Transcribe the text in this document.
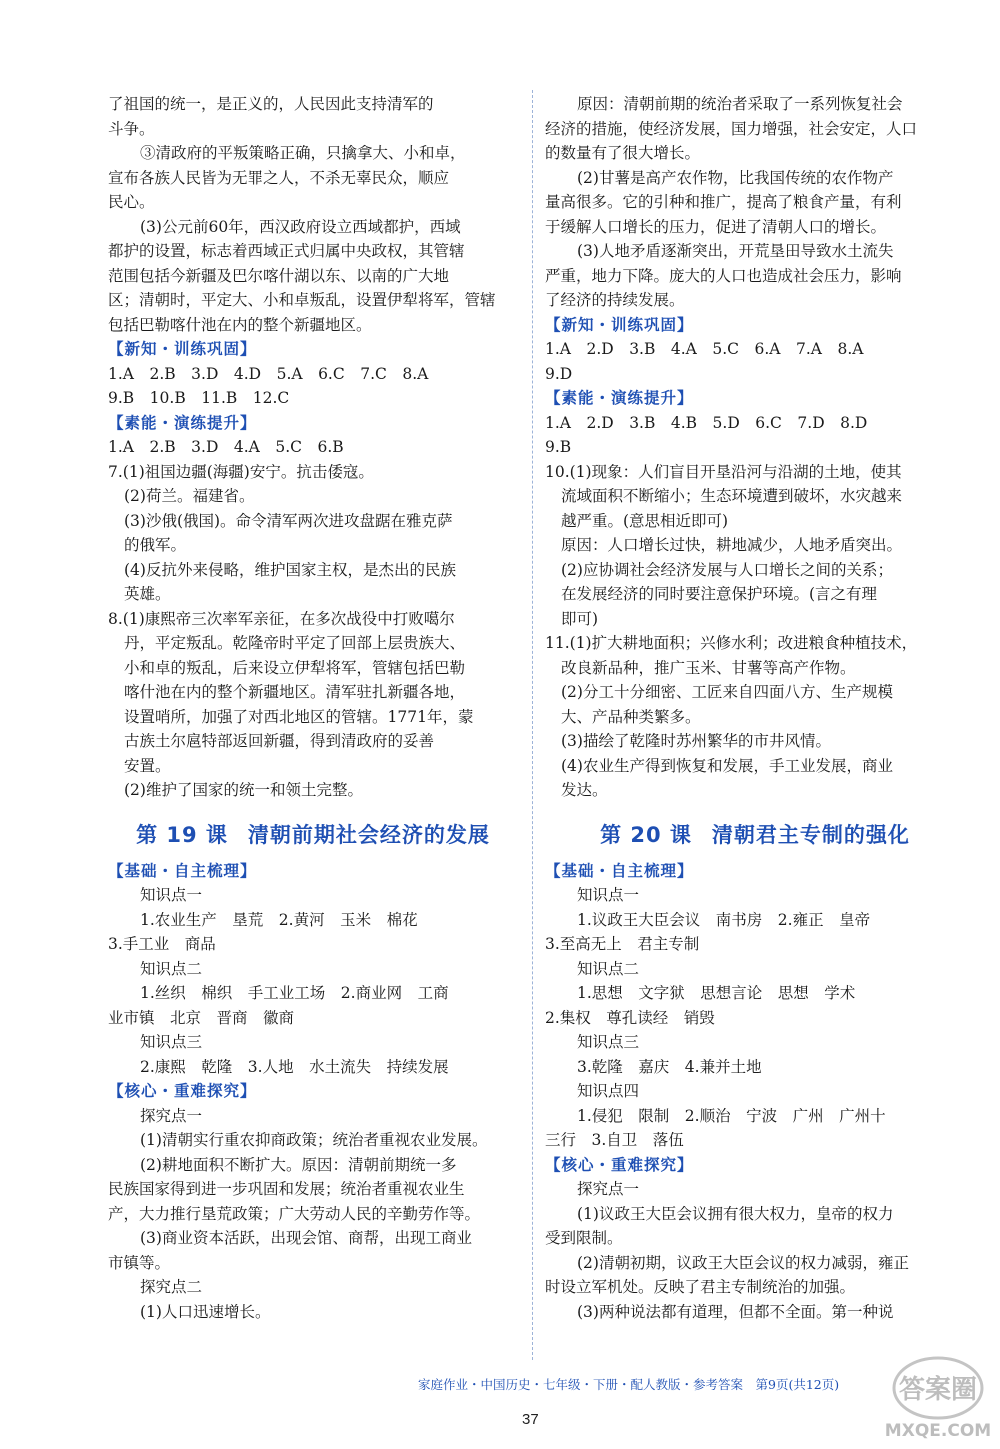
了祖国的统一，是正义的，人民因此支持清军的
斗争。
③清政府的平叛策略正确，只擒拿大、小和卓，
宣布各族人民皆为无罪之人，不杀无辜民众，顺应
民心。
(3)公元前60年，西汉政府设立西域都护，西域
都护的设置，标志着西域正式归属中央政权，其管辖
范围包括今新疆及巴尔喀什湖以东、以南的广大地
区；清朝时，平定大、小和卓叛乱，设置伊犁将军，管辖
包括巴勒喀什池在内的整个新疆地区。
【新知・训练巩固】
1.A　2.B　3.D　4.D　5.A　6.C　7.C　8.A
9.B　10.B　11.B　12.C
【素能・演练提升】
1.A　2.B　3.D　4.A　5.C　6.B
7.(1)祖国边疆(海疆)安宁。抗击倭寇。
(2)荷兰。福建省。
(3)沙俄(俄国)。命令清军两次进攻盘踞在雅克萨
的俄军。
(4)反抗外来侵略，维护国家主权，是杰出的民族
英雄。
8.(1)康熙帝三次率军亲征，在多次战役中打败噶尔
丹，平定叛乱。乾隆帝时平定了回部上层贵族大、
小和卓的叛乱，后来设立伊犁将军，管辖包括巴勒
喀什池在内的整个新疆地区。清军驻扎新疆各地，
设置哨所，加强了对西北地区的管辖。1771年，蒙
古族土尔扈特部返回新疆，得到清政府的妥善
安置。
(2)维护了国家的统一和领土完整。
第 19 课 清朝前期社会经济的发展
【基础・自主梳理】
知识点一
1.农业生产　垦荒　2.黄河　玉米　棉花
3.手工业　商品
知识点二
1.丝织　棉织　手工业工场　2.商业网　工商
业市镇　北京　晋商　徽商
知识点三
2.康熙　乾隆　3.人地　水土流失　持续发展
【核心・重难探究】
探究点一
(1)清朝实行重农抑商政策；统治者重视农业发展。
(2)耕地面积不断扩大。原因：清朝前期统一多
民族国家得到进一步巩固和发展；统治者重视农业生
产，大力推行垦荒政策；广大劳动人民的辛勤劳作等。
(3)商业资本活跃，出现会馆、商帮，出现工商业
市镇等。
探究点二
(1)人口迅速增长。
原因：清朝前期的统治者采取了一系列恢复社会
经济的措施，使经济发展，国力增强，社会安定，人口
的数量有了很大增长。
(2)甘薯是高产农作物，比我国传统的农作物产
量高很多。它的引种和推广，提高了粮食产量，有利
于缓解人口增长的压力，促进了清朝人口的增长。
(3)人地矛盾逐渐突出，开荒垦田导致水土流失
严重，地力下降。庞大的人口也造成社会压力，影响
了经济的持续发展。
【新知・训练巩固】
1.A　2.D　3.B　4.A　5.C　6.A　7.A　8.A
9.D
【素能・演练提升】
1.A　2.D　3.B　4.B　5.D　6.C　7.D　8.D
9.B
10.(1)现象：人们盲目开垦沿河与沿湖的土地，使其
流域面积不断缩小；生态环境遭到破坏，水灾越来
越严重。(意思相近即可)
原因：人口增长过快，耕地减少，人地矛盾突出。
(2)应协调社会经济发展与人口增长之间的关系；
在发展经济的同时要注意保护环境。(言之有理
即可)
11.(1)扩大耕地面积；兴修水利；改进粮食种植技术，
改良新品种，推广玉米、甘薯等高产作物。
(2)分工十分细密、工匠来自四面八方、生产规模
大、产品种类繁多。
(3)描绘了乾隆时苏州繁华的市井风情。
(4)农业生产得到恢复和发展，手工业发展，商业
发达。
第 20 课 清朝君主专制的强化
【基础・自主梳理】
知识点一
1.议政王大臣会议　南书房　2.雍正　皇帝
3.至高无上　君主专制
知识点二
1.思想　文字狱　思想言论　思想　学术
2.集权　尊孔读经　销毁
知识点三
3.乾隆　嘉庆　4.兼并土地
知识点四
1.侵犯　限制　2.顺治　宁波　广州　广州十
三行　3.自卫　落伍
【核心・重难探究】
探究点一
(1)议政王大臣会议拥有很大权力，皇帝的权力
受到限制。
(2)清朝初期，议政王大臣会议的权力减弱，雍正
时设立军机处。反映了君主专制统治的加强。
(3)两种说法都有道理，但都不全面。第一种说
家庭作业・中国历史・七年级・下册・配人教版・参考答案　第9页(共12页)
37
答案圈
MXQE.COM
